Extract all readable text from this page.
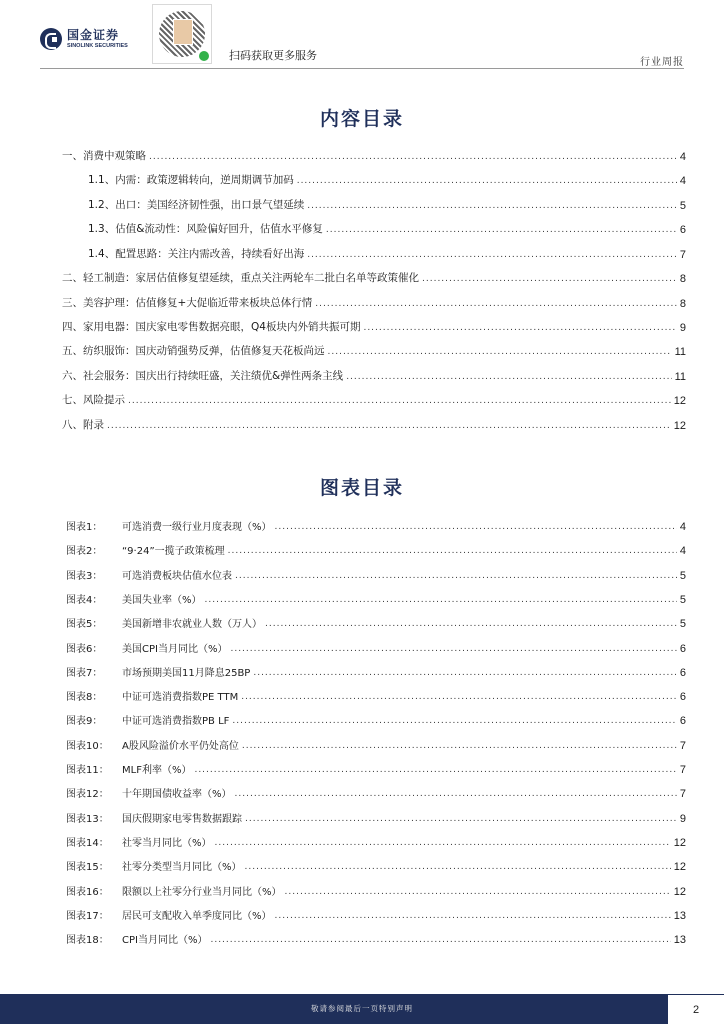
国金证券
SINOLINK SECURITIES
扫码获取更多服务
行业周报
内容目录
一、消费中观策略 .....	4
1.1、内需：政策逻辑转向，逆周期调节加码 .....	4
1.2、出口：美国经济韧性强，出口景气望延续 .....	5
1.3、估值&流动性：风险偏好回升，估值水平修复 .....	6
1.4、配置思路：关注内需改善，持续看好出海 .....	7
二、轻工制造：家居估值修复望延续，重点关注两轮车二批白名单等政策催化 .....	8
三、美容护理：估值修复+大促临近带来板块总体行情 .....	8
四、家用电器：国庆家电零售数据亮眼，Q4板块内外销共振可期 .....	9
五、纺织服饰：国庆动销强势反弹，估值修复天花板尚远 .....	11
六、社会服务：国庆出行持续旺盛，关注绩优&弹性两条主线 .....	11
七、风险提示 .....	12
八、附录 .....	12
图表目录
图表1：	可选消费一级行业月度表现（%） .....	4
图表2：	“9·24”一揽子政策梳理 .....	4
图表3：	可选消费板块估值水位表 .....	5
图表4：	美国失业率（%） .....	5
图表5：	美国新增非农就业人数（万人） .....	5
图表6：	美国CPI当月同比（%） .....	6
图表7：	市场预期美国11月降息25BP .....	6
图表8：	中证可选消费指数PE TTM .....	6
图表9：	中证可选消费指数PB LF .....	6
图表10：	A股风险溢价水平仍处高位 .....	7
图表11：	MLF利率（%） .....	7
图表12：	十年期国债收益率（%） .....	7
图表13：	国庆假期家电零售数据跟踪 .....	9
图表14：	社零当月同比（%） .....	12
图表15：	社零分类型当月同比（%） .....	12
图表16：	限额以上社零分行业当月同比（%） .....	12
图表17：	居民可支配收入单季度同比（%） .....	13
图表18：	CPI当月同比（%） .....	13
敬请参阅最后一页特别声明	2
